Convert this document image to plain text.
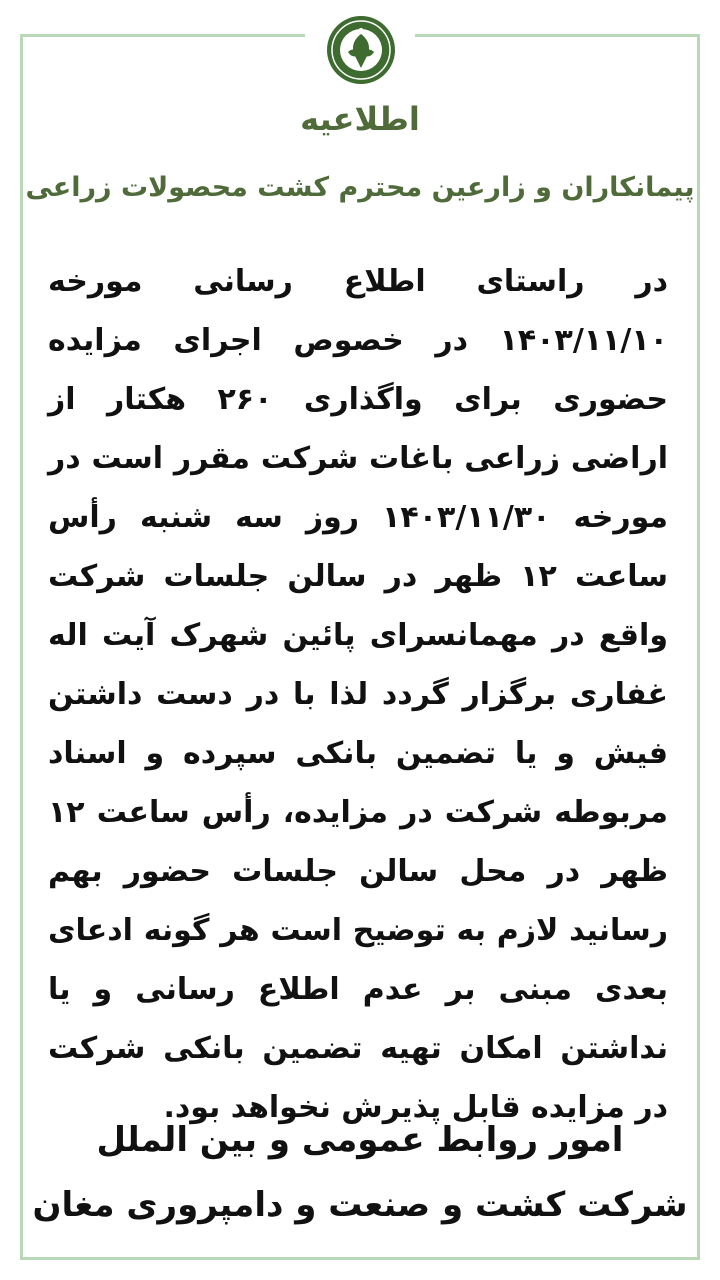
اطلاعیه
پیمانکاران و زارعین محترم کشت محصولات زراعی

در راستای اطلاع رسانی مورخه ۱۴۰۳/۱۱/۱۰ در خصوص اجرای مزایده حضوری برای واگذاری ۲۶۰ هکتار از اراضی زراعی باغات شرکت مقرر است در مورخه ۱۴۰۳/۱۱/۳۰ روز سه شنبه رأس ساعت ۱۲ ظهر در سالن جلسات شرکت واقع در مهمانسرای پائین شهرک آیت اله غفاری برگزار گردد لذا با در دست داشتن فیش و یا تضمین بانکی سپرده و اسناد مربوطه شرکت در مزایده، رأس ساعت ۱۲ ظهر در محل سالن جلسات حضور بهم رسانید لازم به توضیح است هر گونه ادعای بعدی مبنی بر عدم اطلاع رسانی و یا نداشتن امکان تهیه تضمین بانکی شرکت در مزایده قابل پذیرش نخواهد بود.

امور روابط عمومی و بین الملل
شرکت کشت و صنعت و دامپروری مغان
